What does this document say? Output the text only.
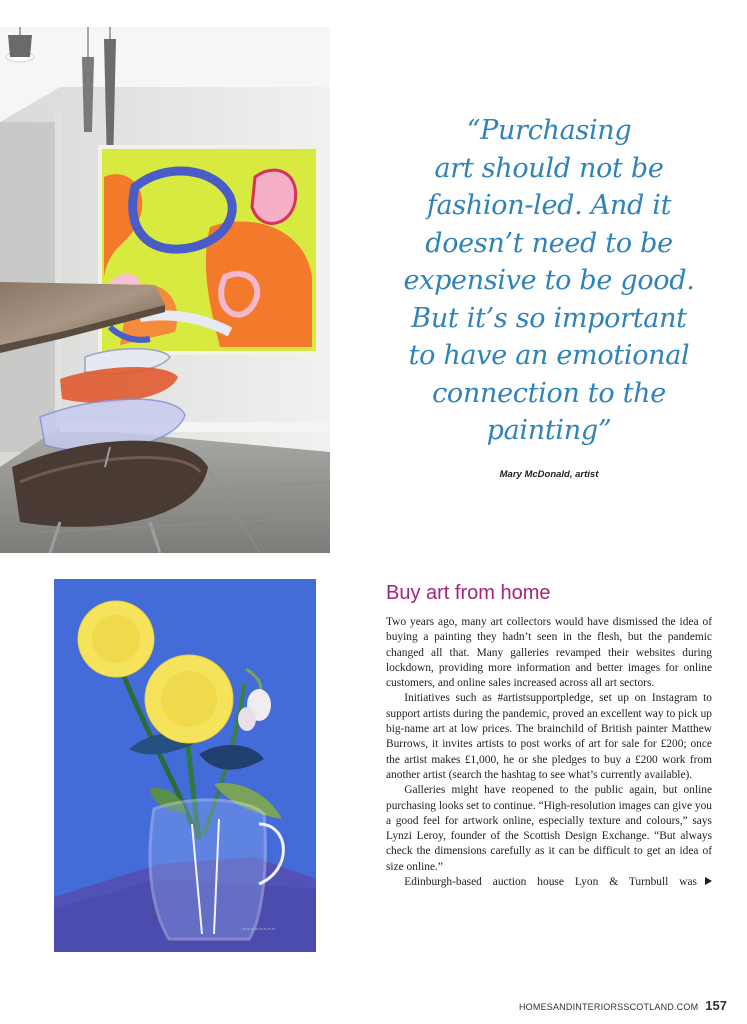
“Purchasing
art should not be
fashion-led. And it
doesn’t need to be
expensive to be good.
But it’s so important
to have an emotional
connection to the
painting”
Mary McDonald, artist
~~~~~~~~
Buy art from home

Two years ago, many art collectors would have dismissed the idea of buying a painting they hadn’t seen in the flesh, but the pandemic changed all that. Many galleries revamped their websites during lockdown, providing more information and better images for online customers, and online sales increased across all art sectors.

Initiatives such as #artistsupportpledge, set up on Instagram to support artists during the pandemic, proved an excellent way to pick up big-name art at low prices. The brainchild of British painter Matthew Burrows, it invites artists to post works of art for sale for £200; once the artist makes £1,000, he or she pledges to buy a £200 work from another artist (search the hashtag to see what’s currently available).

Galleries might have reopened to the public again, but online purchasing looks set to continue. “High-resolution images can give you a good feel for artwork online, especially texture and colours,” says Lynzi Leroy, founder of the Scottish Design Exchange. “But always check the dimensions carefully as it can be difficult to get an idea of size online.”

Edinburgh-based auction house Lyon & Turnbull was

HOMESANDINTERIORSSCOTLAND.COM 157
